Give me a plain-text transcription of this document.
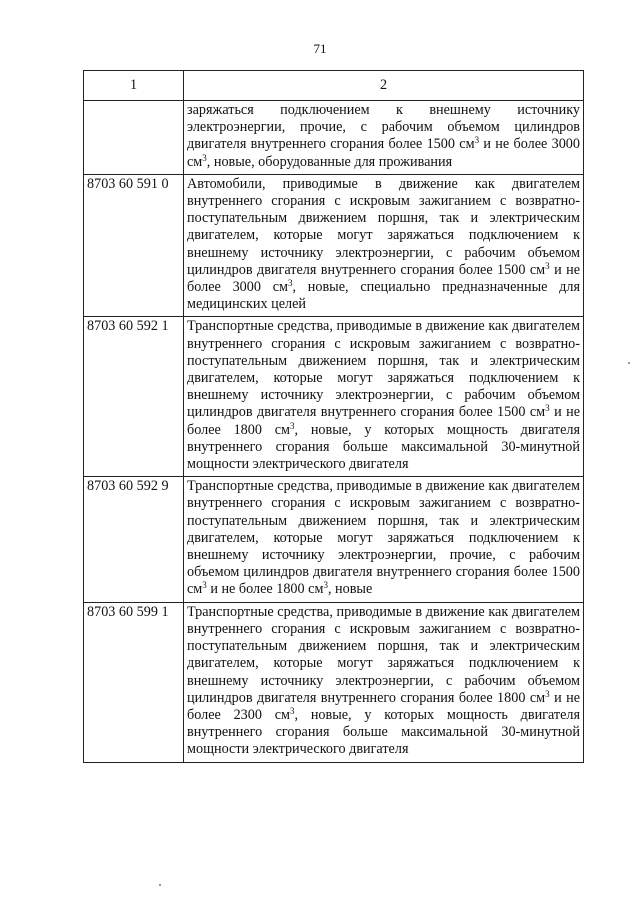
71
1	2
	заряжаться подключением к внешнему источнику электроэнергии, прочие, с рабочим объемом цилиндров двигателя внутреннего сгорания более 1500 $см^3$ и не более 3000 $см^3$, новые, оборудованные для проживания
8703 60 591 0	Автомобили, приводимые в движение как двигателем внутреннего сгорания с искровым зажиганием с возвратно-поступательным движением поршня, так и электрическим двигателем, которые могут заряжаться подключением к внешнему источнику электроэнергии, с рабочим объемом цилиндров двигателя внутреннего сгорания более 1500 $см^3$ и не более 3000 $см^3$, новые, специально предназначенные для медицинских целей
8703 60 592 1	Транспортные средства, приводимые в движение как двигателем внутреннего сгорания с искровым зажиганием с возвратно-поступательным движением поршня, так и электрическим двигателем, которые могут заряжаться подключением к внешнему источнику электроэнергии, с рабочим объемом цилиндров двигателя внутреннего сгорания более 1500 $см^3$ и не более 1800 $см^3$, новые, у которых мощность двигателя внутреннего сгорания больше максимальной 30-минутной мощности электрического двигателя
8703 60 592 9	Транспортные средства, приводимые в движение как двигателем внутреннего сгорания с искровым зажиганием с возвратно-поступательным движением поршня, так и электрическим двигателем, которые могут заряжаться подключением к внешнему источнику электроэнергии, прочие, с рабочим объемом цилиндров двигателя внутреннего сгорания более 1500 $см^3$ и не более 1800 $см^3$, новые
8703 60 599 1	Транспортные средства, приводимые в движение как двигателем внутреннего сгорания с искровым зажиганием с возвратно-поступательным движением поршня, так и электрическим двигателем, которые могут заряжаться подключением к внешнему источнику электроэнергии, с рабочим объемом цилиндров двигателя внутреннего сгорания более 1800 $см^3$ и не более 2300 $см^3$, новые, у которых мощность двигателя внутреннего сгорания больше максимальной 30-минутной мощности электрического двигателя
